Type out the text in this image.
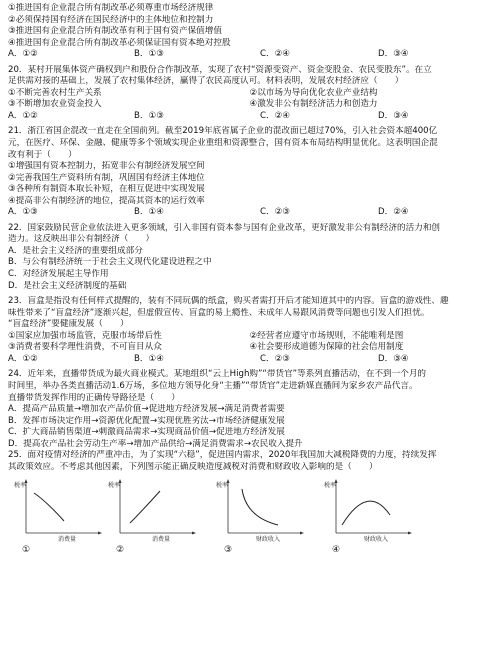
①推进国有企业混合所有制改革必须尊重市场经济规律
②必须保持国有经济在国民经济中的主体地位和控制力
③推进国有企业混合所有制改革有利于国有资产保值增值
④推进国有企业混合所有制改革必须保证国有资本绝对控股
A．①②	B．①③	C．②④	D．③④
20．某村开展集体资产确权到户和股份合作制改革，实现了农村“资源变资产、资金变股金、农民变股东”。在立
足供需对接的基础上，发展了农村集体经济，赢得了农民高度认可。材料表明，发展农村经济应（　　）
①不断完善农村生产关系	②以市场为导向优化农业产业结构
③不断增加农业资金投入	④激发非公有制经济活力和创造力
A．①②	B．①③	C．②④	D．③④
21．浙江省国企混改一直走在全国前列。截至2019年底省属子企业的混改面已超过70%，引入社会资本超400亿
元，在医疗、环保、金融、健康等多个领域实现企业重组和资源整合，国有资本布局结构明显优化。这表明国企混
改有利于（　　）
①增强国有资本控制力，拓宽非公有制经济发展空间
②完善我国生产资料所有制，巩固国有经济主体地位
③各种所有制资本取长补短，在相互促进中实现发展
④提高非公有制经济的地位，提高其资本的运行效率
A．①③	B．①④	C．②③	D．②④
22．国家鼓励民营企业依法进入更多领域，引入非国有资本参与国有企业改革，更好激发非公有制经济的活力和创
造力。这反映出非公有制经济（　　）
A．是社会主义经济的重要组成部分
B．与公有制经济统一于社会主义现代化建设进程之中
C．对经济发展起主导作用
D．是社会主义经济制度的基础
23．盲盒是指没有任何样式提醒的，装有不同玩偶的纸盒，购买者需打开后才能知道其中的内容。盲盒的游戏性、趣
味性带来了“盲盒经济”逐渐兴起，但虚假宣传、盲盒的易上瘾性、未成年人易跟风消费等问题也引发人们担忧。
“盲盒经济”要健康发展（　　）
①国家应加强市场监管，克服市场带后性	②经营者应遵守市场规则，不能唯利是图
③消费者要科学理性消费，不可盲目从众	④社会要形成道德为保障的社会信用制度
A．①②	B．①④	C．②③	D．③④
24．近年来，直播带货成为最火商业模式。某地组织“云上High购”“带货官”等系列直播活动，在不到一个月的
时间里，举办各类直播活动1.6万场，多位地方领导化身“主播”“带货官”走进新媒直播间为家乡农产品代言。
直播带货发挥作用的正确传导路径是（　　）
A．提高产品质量→增加农产品价值→促进地方经济发展→满足消费者需要
B．发挥市场决定作用→资源优化配置→实现优胜劣汰→市场经济健康发展
C．扩大商品销售渠道→刺激商品需求→实现商品价值→促进地方经济发展
D．提高农产品社会劳动生产率→增加产品供给→满足消费需求→农民收入提升
25．面对疫情对经济的严重冲击，为了实现“六稳”，促进国内需求，2020年我国加大减税降费的力度，持续发挥
其政策效应。不考虑其他因素，下列图示能正确反映造度减税对消费和财政收入影响的是（　　）
税率
消费量
①
税率
消费量
②
税率
财政收入
③
税率
财政收入
④
